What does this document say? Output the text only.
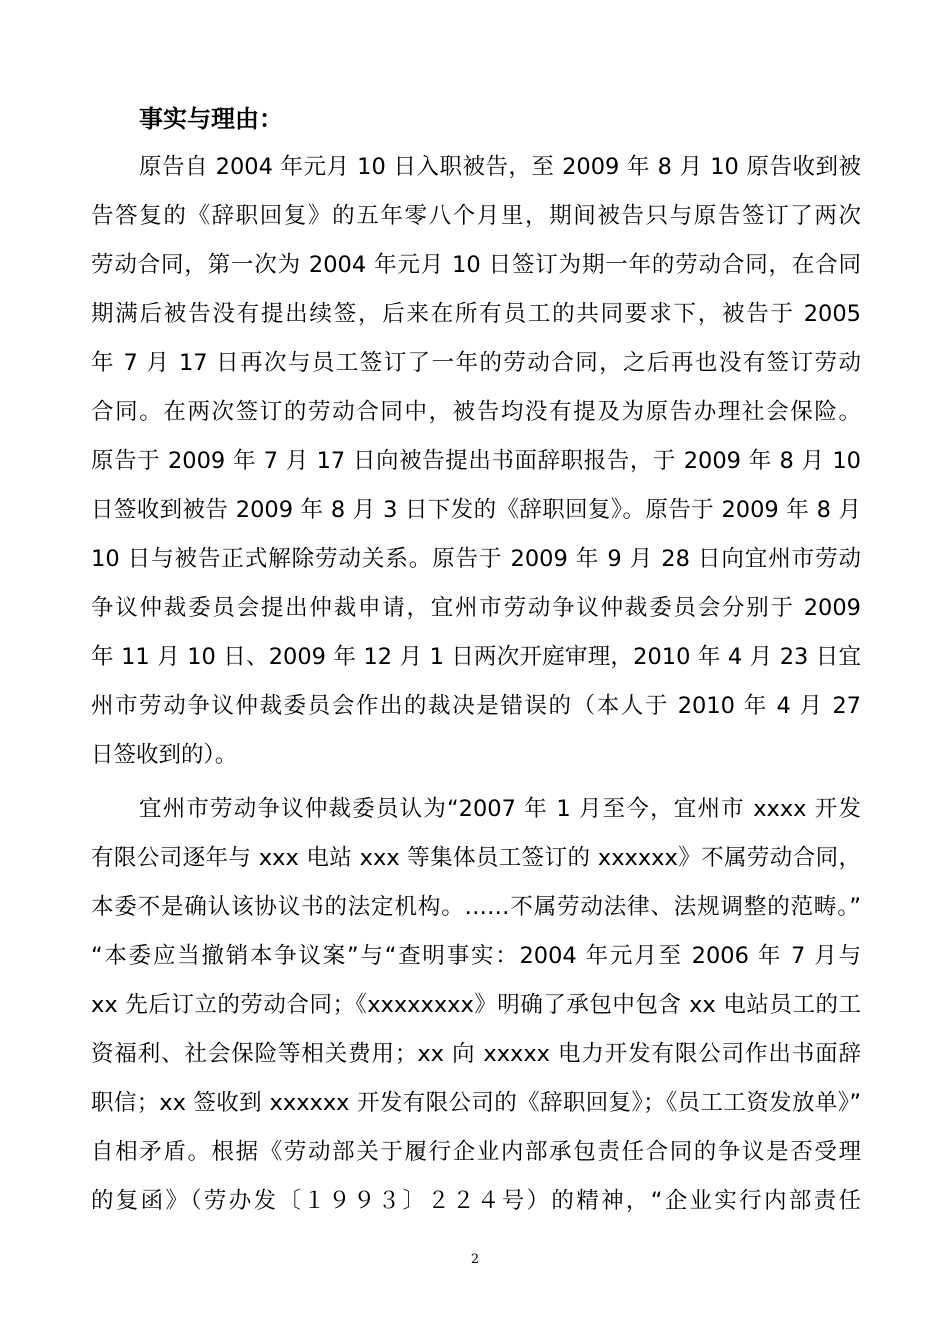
事实与理由：
原告自 2004 年元月 10 日入职被告，至 2009 年 8 月 10 原告收到被
告答复的《辞职回复》的五年零八个月里，期间被告只与原告签订了两次
劳动合同，第一次为 2004 年元月 10 日签订为期一年的劳动合同，在合同
期满后被告没有提出续签，后来在所有员工的共同要求下，被告于 2005
年 7 月 17 日再次与员工签订了一年的劳动合同，之后再也没有签订劳动
合同。在两次签订的劳动合同中，被告均没有提及为原告办理社会保险。
原告于 2009 年 7 月 17 日向被告提出书面辞职报告，于 2009 年 8 月 10
日签收到被告 2009 年 8 月 3 日下发的《辞职回复》。原告于 2009 年 8 月
10 日与被告正式解除劳动关系。原告于 2009 年 9 月 28 日向宜州市劳动
争议仲裁委员会提出仲裁申请，宜州市劳动争议仲裁委员会分别于 2009
年 11 月 10 日、2009 年 12 月 1 日两次开庭审理，2010 年 4 月 23 日宜
州市劳动争议仲裁委员会作出的裁决是错误的（本人于 2010 年 4 月 27
日签收到的）。
宜州市劳动争议仲裁委员认为“2007 年 1 月至今，宜州市 xxxx 开发
有限公司逐年与 xxx 电站 xxx 等集体员工签订的 xxxxxx》不属劳动合同，
本委不是确认该协议书的法定机构。……不属劳动法律、法规调整的范畴。”
“本委应当撤销本争议案”与“查明事实：2004 年元月至 2006 年 7 月与
xx 先后订立的劳动合同；《xxxxxxxx》明确了承包中包含 xx 电站员工的工
资福利、社会保险等相关费用；xx 向 xxxxx 电力开发有限公司作出书面辞
职信；xx 签收到 xxxxxx 开发有限公司的《辞职回复》；《员工工资发放单》”
自相矛盾。根据《劳动部关于履行企业内部承包责任合同的争议是否受理
的复函》（劳办发〔１９９３〕２２４号）的精神，“企业实行内部责任
2
